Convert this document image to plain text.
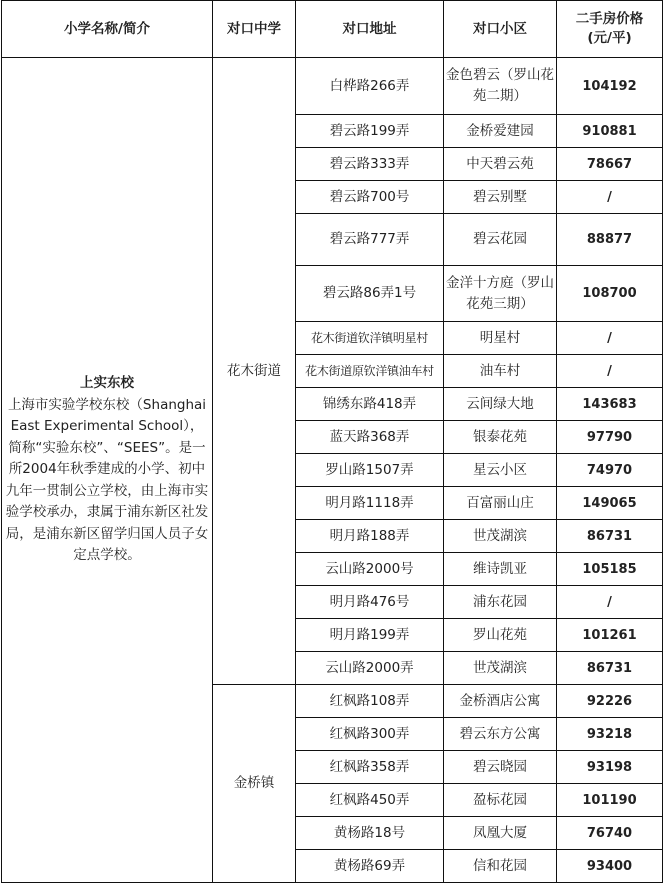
小学名称/简介	对口中学	对口地址	对口小区	二手房价格
(元/平)

上实东校
上海市实验学校东校（Shanghai East Experimental School），简称“实验东校”、“SEES”。是一所2004年秋季建成的小学、初中九年一贯制公立学校，由上海市实验学校承办，隶属于浦东新区社发局，是浦东新区留学归国人员子女定点学校。	花木街道	白桦路266弄	金色碧云（罗山花苑二期）	104192
		碧云路199弄	金桥爱建园	910881
		碧云路333弄	中天碧云苑	78667
		碧云路700号	碧云别墅	/
		碧云路777弄	碧云花园	88877
		碧云路86弄1号	金洋十方庭（罗山花苑三期）	108700
		花木街道钦洋镇明星村	明星村	/
		花木街道原钦洋镇油车村	油车村	/
		锦绣东路418弄	云间绿大地	143683
		蓝天路368弄	银泰花苑	97790
		罗山路1507弄	星云小区	74970
		明月路1118弄	百富丽山庄	149065
		明月路188弄	世茂湖滨	86731
		云山路2000号	维诗凯亚	105185
		明月路476号	浦东花园	/
		明月路199弄	罗山花苑	101261
		云山路2000弄	世茂湖滨	86731
	金桥镇	红枫路108弄	金桥酒店公寓	92226
		红枫路300弄	碧云东方公寓	93218
		红枫路358弄	碧云晓园	93198
		红枫路450弄	盈标花园	101190
		黄杨路18号	凤凰大厦	76740
		黄杨路69弄	信和花园	93400
